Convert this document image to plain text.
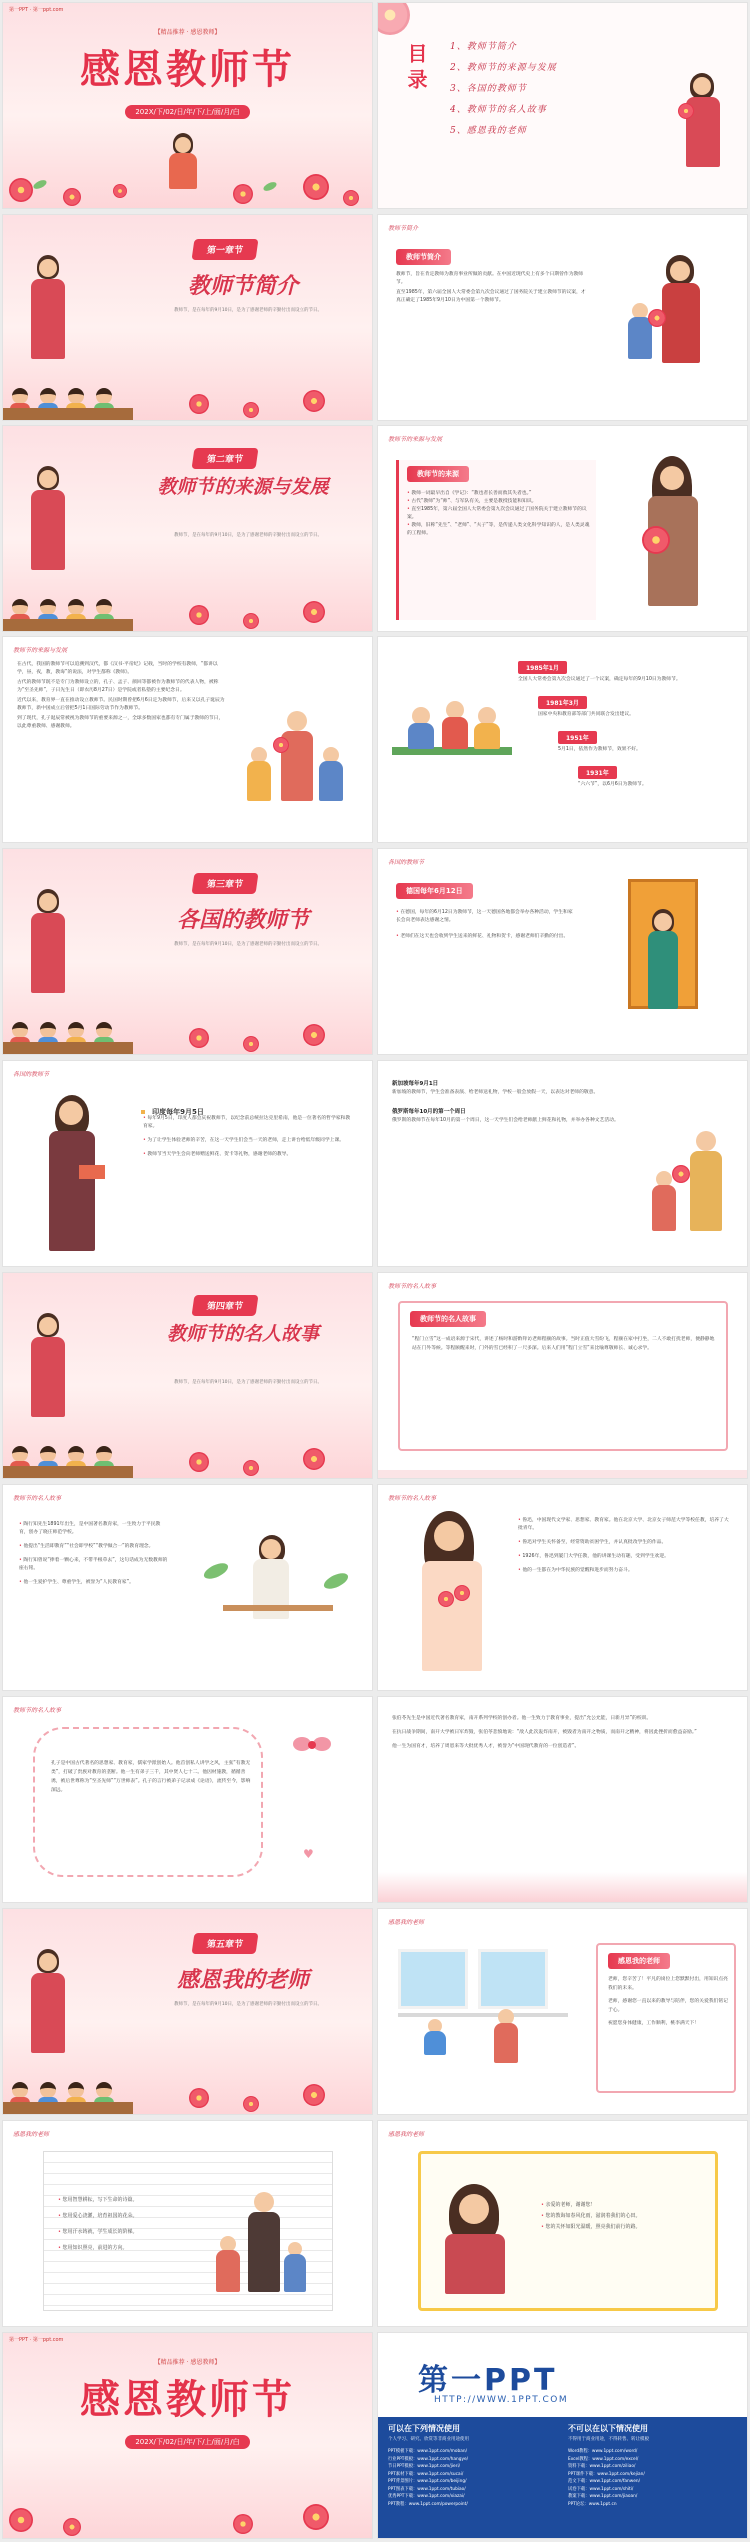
第一PPT · 第一ppt.com
【精品推荐 · 感恩教师】
感恩教师节
202X/下/02/日/年/下/上/面/月/白
目录 1、教师节简介
2、教师节的来源与发展
3、各国的教师节
4、教师节的名人故事
5、感恩我的老师
第一章节
教师节简介
教师节，是在每年的9月10日，是为了感谢老师的辛勤付出而设立的节日。
教师节简介
教师节简介

教师节，旨在肯定教师为教育事业所做的贡献。在中国近现代史上有多个日期曾作为教师节。

直至1985年，第六届全国人大常委会第九次会议通过了国务院关于建立教师节的议案，才真正确定了1985年9月10日为中国第一个教师节。

第二章节
教师节的来源与发展
教师节，是在每年的9月10日，是为了感谢老师的辛勤付出而设立的节日。
教师节的来源与发展
教师节的来源
• 教师一词最早出自《学记》：“教也者长善而救其失者也。”
• 古代“教师”为“师”、与军队有关，主要是教授技能和知识。
• 直至1985年，第六届全国人大常委会第九次会议通过了国务院关于建立教师节的议案。
• 教师，旧称“先生”、“老师”、“夫子”等，是传递人类文化科学知识的人，是人类灵魂的工程师。
教师节的来源与发展

在古代，我国的教师节可以追溯到汉代，都《汉书·平帝纪》记载，当时的学校有教师，“都讲以学，昼，夜，教，教诲”的说法，对学生都称《教师》。

古代的教师节既不是专门为教师设立的，孔子、孟子、颜回等都被作为教师节的代表人物，被称为“至圣先师”，子曰先生日（即农历8月27日）是学院或者私塾的主要纪念日。

近代以来，教育界一直在推动设立教师节。民国时期曾把6月6日定为教师节，后来又以孔子诞辰为教师节，新中国成立后曾把5月1日国际劳动节作为教师节。

到了现代，孔子诞辰常被视为教师节的重要来源之一，全球多数国家也都有专门属于教师的节日，以此尊重教师、感谢教师。

1985年1月
全国人大常委会第九次会议通过了一个议案，确定每年的9月10日为教师节。
1981年3月
国家中央和教育部等部门共同联合发出建议。
1951年
5月1日，依然作为教师节，效果不好。
1931年
“六六节”，以6月6日为教师节。
第三章节
各国的教师节
教师节，是在每年的9月10日，是为了感谢老师的辛勤付出而设立的节日。
各国的教师节
德国每年6月12日
• 在德国，每年的6月12日为教师节，这一天德国各地都会举办各种活动，学生和家长会向老师表达感谢之情。
• 老师们在这天也会收到学生送来的鲜花、礼物和贺卡，感谢老师们辛勤的付出。
各国的教师节
印度每年9月5日
• 每年9月5日，印度人都会庆祝教师节，以纪念前总统拉达克里希南，他是一位著名的哲学家和教育家。
• 为了让学生体验老师的辛苦，在这一天学生们会当一天的老师，走上讲台给低年级同学上课。
• 教师节当天学生会向老师赠送鲜花、贺卡等礼物，感谢老师的教导。
新加坡每年9月1日
新加坡的教师节，学生会准备表演、给老师送礼物，学校一般会放假一天，以表达对老师的敬意。
俄罗斯每年10月的第一个周日
俄罗斯的教师节在每年10月的第一个周日，这一天学生们会给老师献上鲜花和礼物，并举办各种文艺活动。
第四章节
教师节的名人故事
教师节，是在每年的9月10日，是为了感谢老师的辛勤付出而设立的节日。
教师节的名人故事
教师节的名人故事
“程门立雪”这一成语来源于宋代，讲述了杨时和游酢拜访老师程颐的故事。当时正值大雪纷飞，程颐在家中打坐，二人不敢打扰老师，便静静地站在门外等候。等程颐醒来时，门外的雪已经积了一尺多深。后来人们用“程门立雪”来比喻尊敬师长、诚心求学。
教师节的名人故事
• 陶行知先生1891年出生，是中国著名教育家，一生致力于平民教育，创办了晓庄师范学校。
• 他提出“生活即教育”“社会即学校”“教学做合一”的教育理念。
• 陶行知曾说“捧着一颗心来，不带半根草去”，这句话成为无数教师的座右铭。
• 他一生爱护学生、尊重学生，被誉为“人民教育家”。
教师节的名人故事
• 鲁迅，中国现代文学家、思想家、教育家。他在北京大学、北京女子师范大学等校任教，培养了大批青年。
• 鲁迅对学生关怀备至，经常资助贫困学生，并认真批改学生的作品。
• 1926年，鲁迅到厦门大学任教，他的讲课生动有趣，受到学生欢迎。
• 他的一生都在为中华民族的觉醒和进步而努力奋斗。
教师节的名人故事
孔子是中国古代著名的思想家、教育家，儒家学派创始人。他首创私人讲学之风，主张“有教无类”，打破了贵族对教育的垄断。他一生有弟子三千，其中贤人七十二。他因材施教，循循善诱，被后世尊称为“至圣先师”“万世师表”。孔子的言行被弟子记录成《论语》，流传至今，影响深远。
♥

张伯苓先生是中国近代著名教育家，南开系列学校的创办者。他一生致力于教育事业，提出“允公允能，日新月异”的校训。

在抗日战争期间，南开大学被日军炸毁，张伯苓悲愤地说：“敌人此次轰炸南开，被毁者为南开之物质，而南开之精神，将因此挫折而愈益奋励。”

他一生为国育才，培养了周恩来等大批优秀人才，被誉为“中国现代教育的一位创造者”。

第五章节
感恩我的老师
教师节，是在每年的9月10日，是为了感谢老师的辛勤付出而设立的节日。
感恩我的老师
感恩我的老师

老师，您辛苦了！平凡的岗位上您默默付出，用知识点亮我们的未来。

老师，感谢您一直以来的教导与陪伴，您的关爱我们铭记于心。

祝愿您身体健康，工作顺利，桃李满天下！

感恩我的老师
• 您用智慧耕耘，写下生命的诗篇。
• 您用爱心浇灌，培育祖国的花朵。
• 您用汗水铸就，学生成长的阶梯。
• 您用知识照亮，前进的方向。
感恩我的老师
• 亲爱的老师，谢谢您！
• 您的教诲如春风化雨，滋润着我们的心田。
• 您的关怀如阳光温暖，照亮我们前行的路。
第一PPT · 第一ppt.com
【精品推荐 · 感恩教师】
感恩教师节
202X/下/02/日/年/下/上/面/月/白
第一PPT
HTTP://WWW.1PPT.COM
可以在下列情况使用
个人学习、研究、欣赏等非商业用途使用
PPT模板下载：www.1ppt.com/moban/
行业PPT模板：www.1ppt.com/hangye/
节日PPT模板：www.1ppt.com/jieri/
PPT素材下载：www.1ppt.com/sucai/
PPT背景图片：www.1ppt.com/beijing/
PPT图表下载：www.1ppt.com/tubiao/
优秀PPT下载：www.1ppt.com/xiazai/
PPT教程：www.1ppt.com/powerpoint/
不可以在以下情况使用
不得用于商业用途，不得转售、转让模板
Word教程：www.1ppt.com/word/
Excel教程：www.1ppt.com/excel/
资料下载：www.1ppt.com/ziliao/
PPT课件下载：www.1ppt.com/kejian/
范文下载：www.1ppt.com/fanwen/
试卷下载：www.1ppt.com/shiti/
教案下载：www.1ppt.com/jiaoan/
PPT论坛：www.1ppt.cn
